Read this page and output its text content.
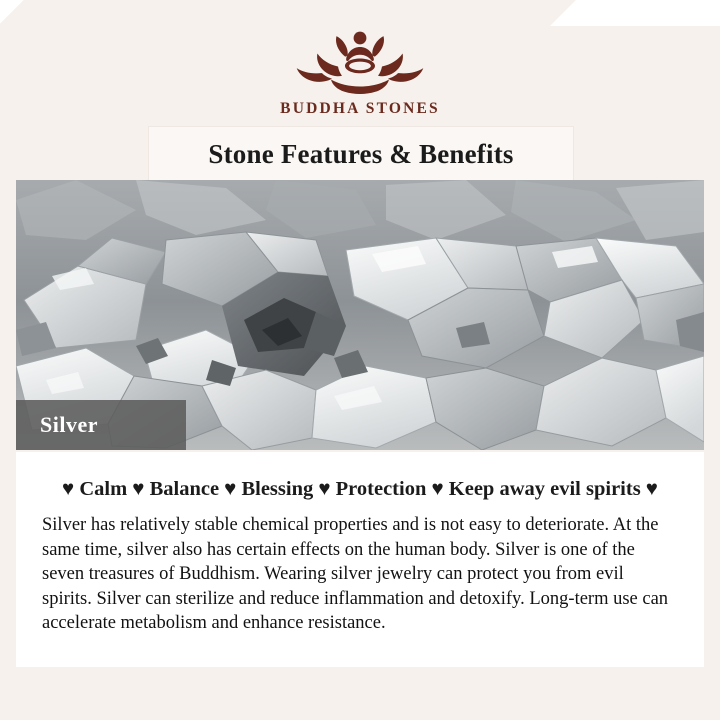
BUDDHA STONES
Stone Features & Benefits
Silver

♥ Calm ♥ Balance ♥ Blessing ♥ Protection ♥ Keep away evil spirits ♥

Silver has relatively stable chemical properties and is not easy to deteriorate. At the same time, silver also has certain effects on the human body. Silver is one of the seven treasures of Buddhism. Wearing silver jewelry can protect you from evil spirits. Silver can sterilize and reduce inflammation and detoxify. Long-term use can accelerate metabolism and enhance resistance.
